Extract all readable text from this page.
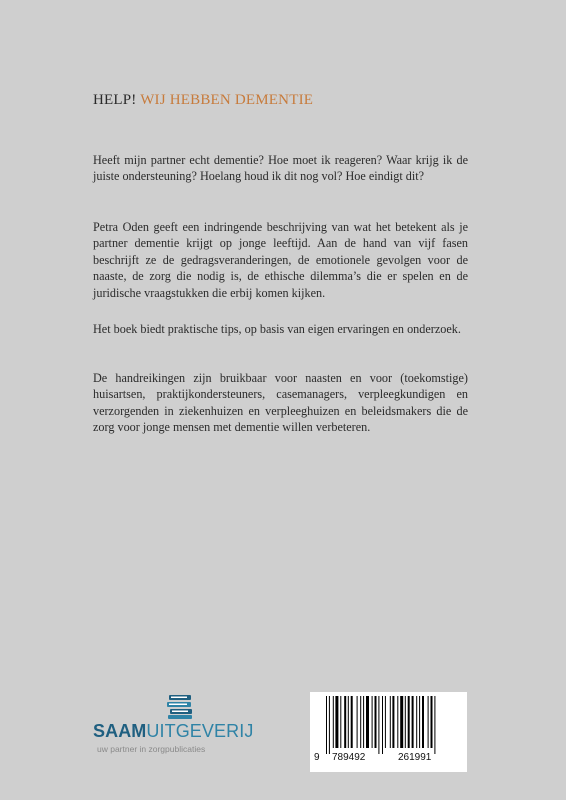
HELP! WIJ HEBBEN DEMENTIE

Heeft mijn partner echt dementie? Hoe moet ik reageren? Waar krijg ik de juiste ondersteuning? Hoelang houd ik dit nog vol? Hoe eindigt dit?

Petra Oden geeft een indringende beschrijving van wat het betekent als je partner dementie krijgt op jonge leeftijd. Aan de hand van vijf fasen beschrijft ze de gedragsveranderingen, de emotionele gevolgen voor de naaste, de zorg die nodig is, de ethische dilemma’s die er spelen en de juridische vraagstukken die erbij komen kijken.

Het boek biedt praktische tips, op basis van eigen ervaringen en onderzoek.

De handreikingen zijn bruikbaar voor naasten en voor (toekomstige) huisartsen, praktijkondersteuners, casemanagers, verpleegkundigen en verzorgenden in ziekenhuizen en verpleeghuizen en beleidsmakers die de zorg voor jonge mensen met dementie willen verbeteren.

SAAMUITGEVERIJ
uw partner in zorgpublicaties
9 789492	261991
